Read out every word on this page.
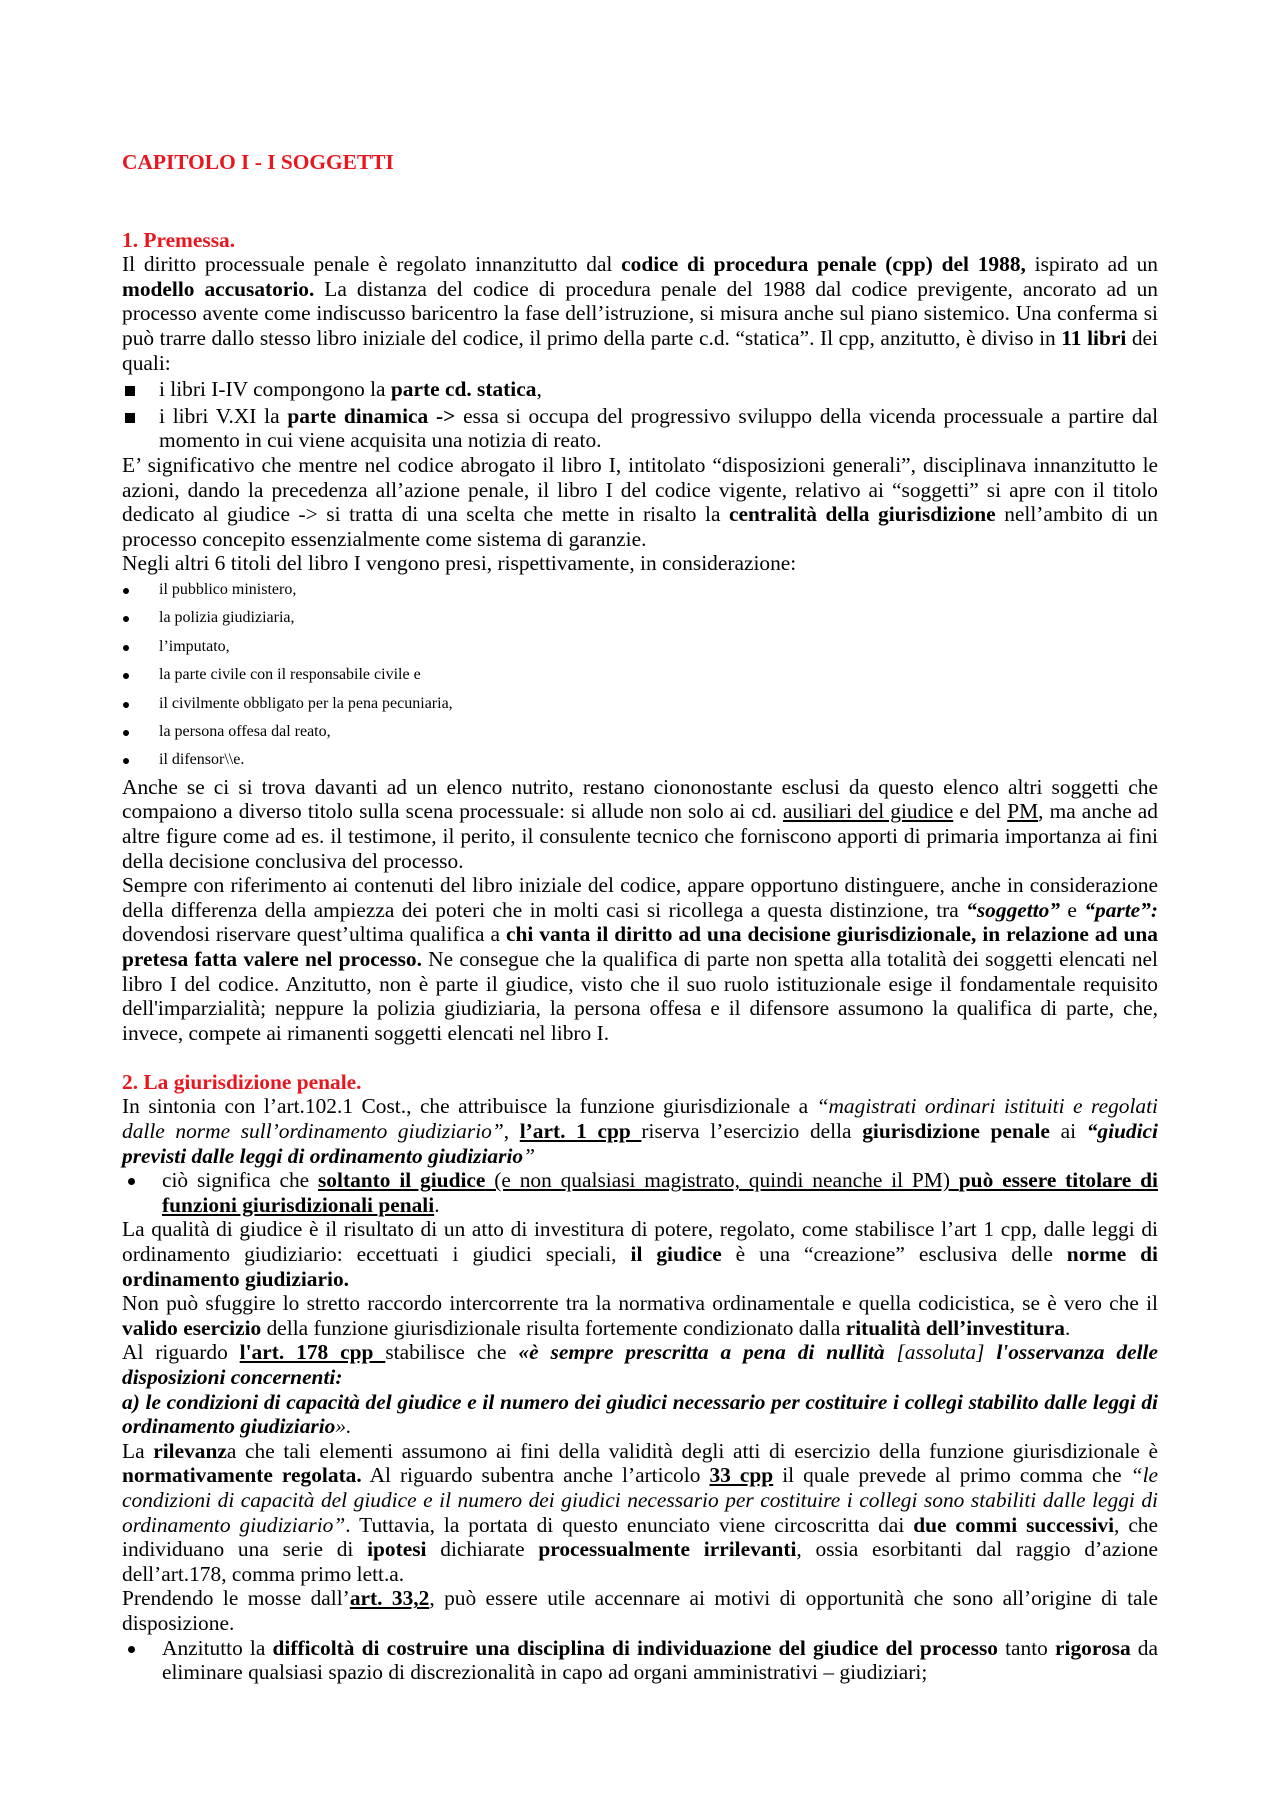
CAPITOLO I - I SOGGETTI
1. Premessa.

Il diritto processuale penale è regolato innanzitutto dal codice di procedura penale (cpp) del 1988, ispirato ad un modello accusatorio. La distanza del codice di procedura penale del 1988 dal codice previgente, ancorato ad un processo avente come indiscusso baricentro la fase dell’istruzione, si misura anche sul piano sistemico. Una conferma si può trarre dallo stesso libro iniziale del codice, il primo della parte c.d. “statica”. Il cpp, anzitutto, è diviso in 11 libri dei quali:

i libri I-IV compongono la parte cd. statica,
i libri V.XI la parte dinamica -> essa si occupa del progressivo sviluppo della vicenda processuale a partire dal momento in cui viene acquisita una notizia di reato.

E’ significativo che mentre nel codice abrogato il libro I, intitolato “disposizioni generali”, disciplinava innanzitutto le azioni, dando la precedenza all’azione penale, il libro I del codice vigente, relativo ai “soggetti” si apre con il titolo dedicato al giudice -> si tratta di una scelta che mette in risalto la centralità della giurisdizione nell’ambito di un processo concepito essenzialmente come sistema di garanzie.

Negli altri 6 titoli del libro I vengono presi, rispettivamente, in considerazione:

il pubblico ministero,
la polizia giudiziaria,
l’imputato,
la parte civile con il responsabile civile e
il civilmente obbligato per la pena pecuniaria,
la persona offesa dal reato,
il difensor\\e.

Anche se ci si trova davanti ad un elenco nutrito, restano ciononostante esclusi da questo elenco altri soggetti che compaiono a diverso titolo sulla scena processuale: si allude non solo ai cd. ausiliari del giudice e del PM, ma anche ad altre figure come ad es. il testimone, il perito, il consulente tecnico che forniscono apporti di primaria importanza ai fini della decisione conclusiva del processo.

Sempre con riferimento ai contenuti del libro iniziale del codice, appare opportuno distinguere, anche in considerazione della differenza della ampiezza dei poteri che in molti casi si ricollega a questa distinzione, tra “soggetto” e “parte”: dovendosi riservare quest’ultima qualifica a chi vanta il diritto ad una decisione giurisdizionale, in relazione ad una pretesa fatta valere nel processo. Ne consegue che la qualifica di parte non spetta alla totalità dei soggetti elencati nel libro I del codice. Anzitutto, non è parte il giudice, visto che il suo ruolo istituzionale esige il fondamentale requisito dell'imparzialità; neppure la polizia giudiziaria, la persona offesa e il difensore assumono la qualifica di parte, che, invece, compete ai rimanenti soggetti elencati nel libro I.

2. La giurisdizione penale.

In sintonia con l’art.102.1 Cost., che attribuisce la funzione giurisdizionale a “magistrati ordinari istituiti e regolati dalle norme sull’ordinamento giudiziario”, l’art. 1 cpp riserva l’esercizio della giurisdizione penale ai “giudici previsti dalle leggi di ordinamento giudiziario”

ciò significa che soltanto il giudice (e non qualsiasi magistrato, quindi neanche il PM) può essere titolare di funzioni giurisdizionali penali.

La qualità di giudice è il risultato di un atto di investitura di potere, regolato, come stabilisce l’art 1 cpp, dalle leggi di ordinamento giudiziario: eccettuati i giudici speciali, il giudice è una “creazione” esclusiva delle norme di ordinamento giudiziario.

Non può sfuggire lo stretto raccordo intercorrente tra la normativa ordinamentale e quella codicistica, se è vero che il valido esercizio della funzione giurisdizionale risulta fortemente condizionato dalla ritualità dell’investitura.

Al riguardo l'art. 178 cpp stabilisce che «è sempre prescritta a pena di nullità [assoluta] l'osservanza delle disposizioni concernenti:

a) le condizioni di capacità del giudice e il numero dei giudici necessario per costituire i collegi stabilito dalle leggi di ordinamento giudiziario».

La rilevanza che tali elementi assumono ai fini della validità degli atti di esercizio della funzione giurisdizionale è normativamente regolata. Al riguardo subentra anche l’articolo 33 cpp il quale prevede al primo comma che “le condizioni di capacità del giudice e il numero dei giudici necessario per costituire i collegi sono stabiliti dalle leggi di ordinamento giudiziario”. Tuttavia, la portata di questo enunciato viene circoscritta dai due commi successivi, che individuano una serie di ipotesi dichiarate processualmente irrilevanti, ossia esorbitanti dal raggio d’azione dell’art.178, comma primo lett.a.

Prendendo le mosse dall’art. 33,2, può essere utile accennare ai motivi di opportunità che sono all’origine di tale disposizione.

Anzitutto la difficoltà di costruire una disciplina di individuazione del giudice del processo tanto rigorosa da eliminare qualsiasi spazio di discrezionalità in capo ad organi amministrativi – giudiziari;
